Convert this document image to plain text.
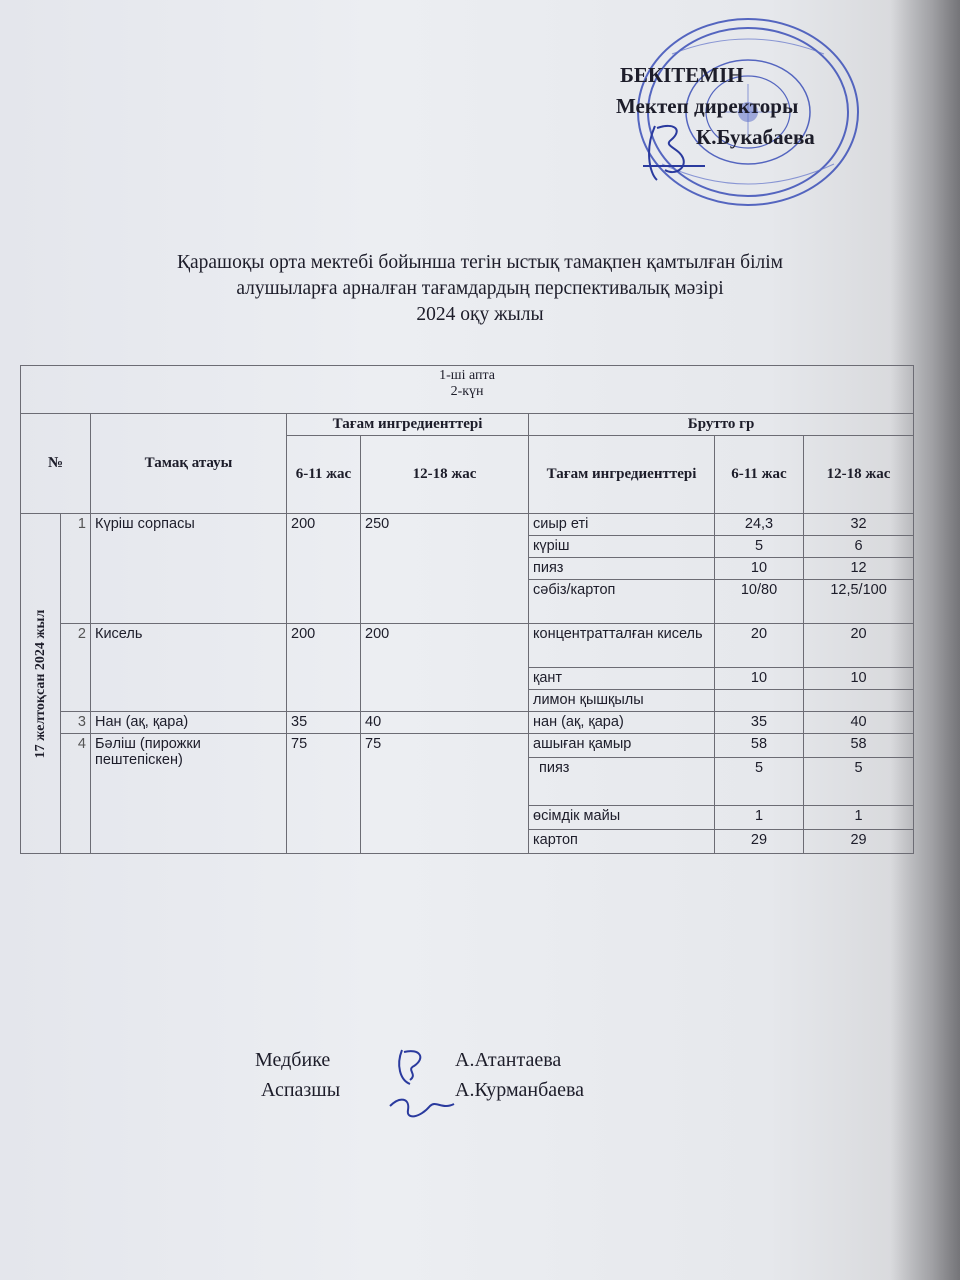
БЕКІТЕМІН
Мектеп директоры
К.Букабаева
Қарашоқы орта мектебі бойынша тегін ыстық тамақпен қамтылған білім
алушыларға арналған тағамдардың перспективалық мәзірі
2024 оқу жылы
1-ші апта
2-күн							

№		Тамақ атауы	Тағам ингредиенттері		Брутто гр		
			6-11 жас	12-18 жас	Тағам ингредиенттері	6-11 жас	12-18 жас

17 желтоқсан 2024 жыл	1	Күріш сорпасы	200	250	сиыр еті	24,3	32
					күріш	5	6
					пияз	10	12
					сәбіз/картоп	10/80	12,5/100
	2	Кисель	200	200	концентратталған кисель	20	20
					қант	10	10
					лимон қышқылы		
	3	Нан (ақ, қара)	35	40	нан (ақ, қара)	35	40
	4	Бәліш (пирожки пештепіскен)	75	75	ашыған қамыр	58	58
					пияз	5	5
					өсімдік майы	1	1
					картоп	29	29
Медбике	А.Атантаева
Аспазшы	А.Курманбаева
